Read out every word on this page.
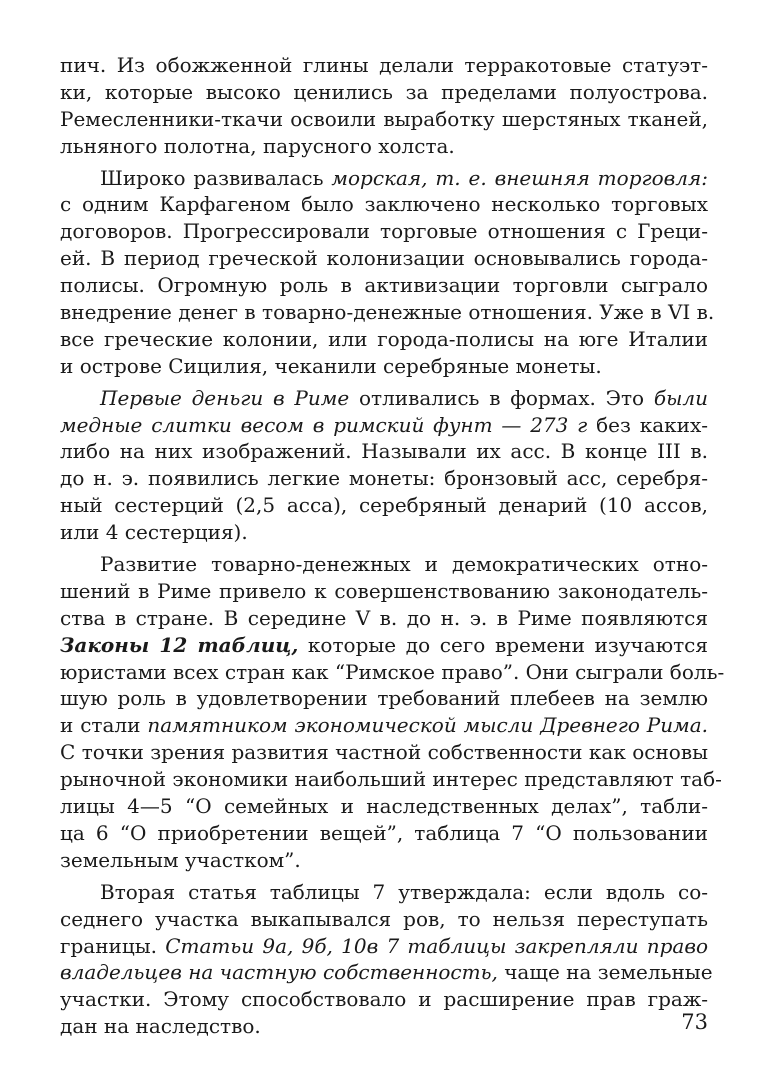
пич. Из обожженной глины делали терракотовые статуэт-
ки, которые высоко ценились за пределами полуострова.
Ремесленники-ткачи освоили выработку шерстяных тканей,
льняного полотна, парусного холста.
Широко развивалась морская, т. е. внешняя торговля:
с одним Карфагеном было заключено несколько торговых
договоров. Прогрессировали торговые отношения с Греци-
ей. В период греческой колонизации основывались города-
полисы. Огромную роль в активизации торговли сыграло
внедрение денег в товарно-денежные отношения. Уже в VI в.
все греческие колонии, или города-полисы на юге Италии
и острове Сицилия, чеканили серебряные монеты.
Первые деньги в Риме отливались в формах. Это были
медные слитки весом в римский фунт — 273 г без каких-
либо на них изображений. Называли их асс. В конце III в.
до н. э. появились легкие монеты: бронзовый асс, серебря-
ный сестерций (2,5 асса), серебряный денарий (10 ассов,
или 4 сестерция).
Развитие товарно-денежных и демократических отно-
шений в Риме привело к совершенствованию законодатель-
ства в стране. В середине V в. до н. э. в Риме появляются
Законы 12 таблиц, которые до сего времени изучаются
юристами всех стран как “Римское право”. Они сыграли боль-
шую роль в удовлетворении требований плебеев на землю
и стали памятником экономической мысли Древнего Рима.
С точки зрения развития частной собственности как основы
рыночной экономики наибольший интерес представляют таб-
лицы 4—5 “О семейных и наследственных делах”, табли-
ца 6 “О приобретении вещей”, таблица 7 “О пользовании
земельным участком”.
Вторая статья таблицы 7 утверждала: если вдоль со-
седнего участка выкапывался ров, то нельзя переступать
границы. Статьи 9а, 9б, 10в 7 таблицы закрепляли право
владельцев на частную собственность, чаще на земельные
участки. Этому способствовало и расширение прав граж-
дан на наследство.	73
